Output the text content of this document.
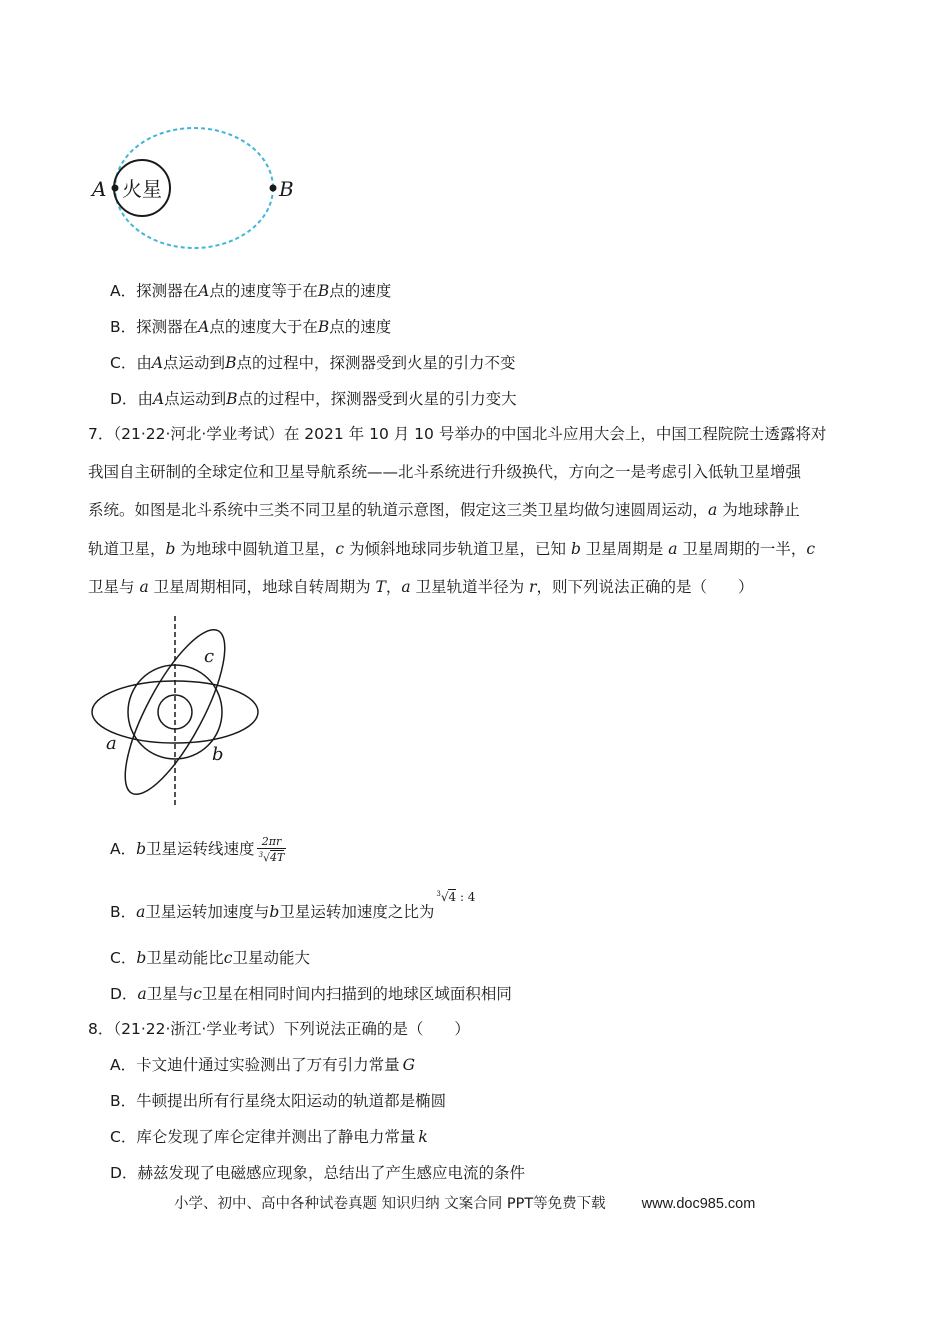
A 火星	B
A．探测器在A点的速度等于在B点的速度
B．探测器在A点的速度大于在B点的速度
C．由A点运动到B点的过程中，探测器受到火星的引力不变
D．由A点运动到B点的过程中，探测器受到火星的引力变大
7．（21·22·河北·学业考试）在 2021 年 10 月 10 号举办的中国北斗应用大会上，中国工程院院士透露将对
我国自主研制的全球定位和卫星导航系统——北斗系统进行升级换代，方向之一是考虑引入低轨卫星增强
系统。如图是北斗系统中三类不同卫星的轨道示意图，假定这三类卫星均做匀速圆周运动，a 为地球静止
轨道卫星，b 为地球中圆轨道卫星，c 为倾斜地球同步轨道卫星，已知 b 卫星周期是 a 卫星周期的一半，c
卫星与 a 卫星周期相同，地球自转周期为 T，a 卫星轨道半径为 r，则下列说法正确的是（　　）
a
b
c
A．b卫星运转线速度 $\frac{2\pi r}{^3√4T}$
B．a卫星运转加速度与b卫星运转加速度之比为$^{^3√4 : 4}$
C．b卫星动能比c卫星动能大
D．a卫星与c卫星在相同时间内扫描到的地球区域面积相同
8．（21·22·浙江·学业考试）下列说法正确的是（　　）
A．卡文迪什通过实验测出了万有引力常量 G
B．牛顿提出所有行星绕太阳运动的轨道都是椭圆
C．库仑发现了库仑定律并测出了静电力常量 k
D．赫兹发现了电磁感应现象，总结出了产生感应电流的条件
小学、初中、高中各种试卷真题 知识归纳 文案合同 PPT等免费下载 www.doc985.com
